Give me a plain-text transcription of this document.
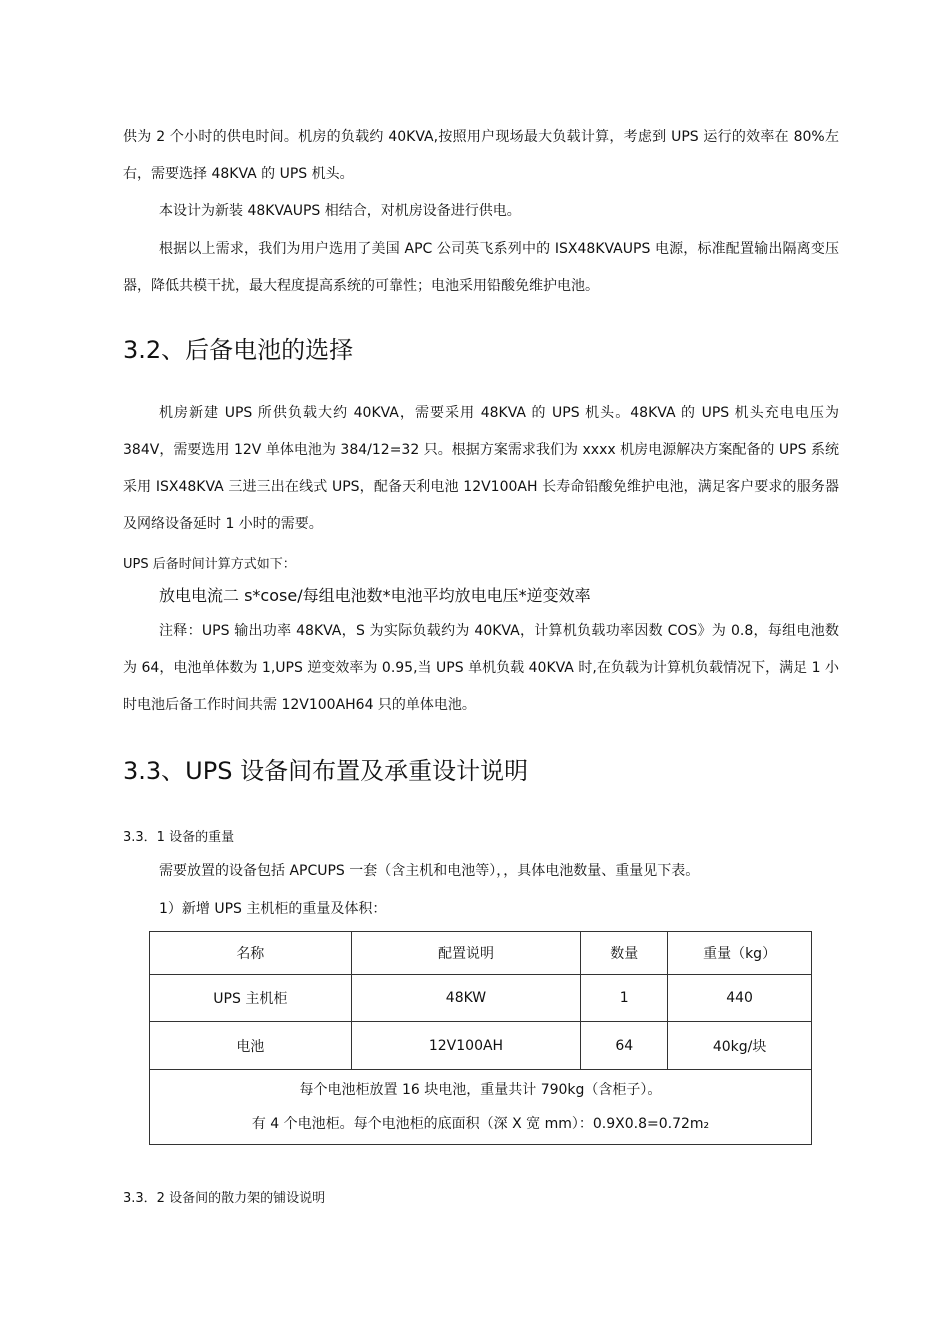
供为 2 个小时的供电时间。机房的负载约 40KVA,按照用户现场最大负载计算，考虑到 UPS 运行的效率在 80%左右，需要选择 48KVA 的 UPS 机头。

本设计为新装 48KVAUPS 相结合，对机房设备进行供电。

根据以上需求，我们为用户选用了美国 APC 公司英飞系列中的 ISX48KVAUPS 电源，标准配置输出隔离变压器，降低共模干扰，最大程度提高系统的可靠性；电池采用铅酸免维护电池。

3.2、后备电池的选择

机房新建 UPS 所供负载大约 40KVA，需要采用 48KVA 的 UPS 机头。48KVA 的 UPS 机头充电电压为 384V，需要选用 12V 单体电池为 384/12=32 只。根据方案需求我们为 xxxx 机房电源解决方案配备的 UPS 系统采用 ISX48KVA 三进三出在线式 UPS，配备天利电池 12V100AH 长寿命铅酸免维护电池，满足客户要求的服务器及网络设备延时 1 小时的需要。

UPS 后备时间计算方式如下：

放电电流二 s*cose/每组电池数*电池平均放电电压*逆变效率

注释：UPS 输出功率 48KVA，S 为实际负载约为 40KVA，计算机负载功率因数 COS》为 0.8，每组电池数为 64，电池单体数为 1,UPS 逆变效率为 0.95,当 UPS 单机负载 40KVA 时,在负载为计算机负载情况下，满足 1 小时电池后备工作时间共需 12V100AH64 只的单体电池。

3.3、UPS 设备间布置及承重设计说明

3.3．1 设备的重量

需要放置的设备包括 APCUPS 一套（含主机和电池等），，具体电池数量、重量见下表。

1）新增 UPS 主机柜的重量及体积：

名称	配置说明	数量	重量（kg）
UPS 主机柜	48KW	1	440
电池	12V100AH	64	40kg/块

每个电池柜放置 16 块电池，重量共计 790kg（含柜子）。
有 4 个电池柜。每个电池柜的底面积（深 X 宽 mm）：0.9X0.8=0.72m₂			

3.3．2 设备间的散力架的铺设说明
